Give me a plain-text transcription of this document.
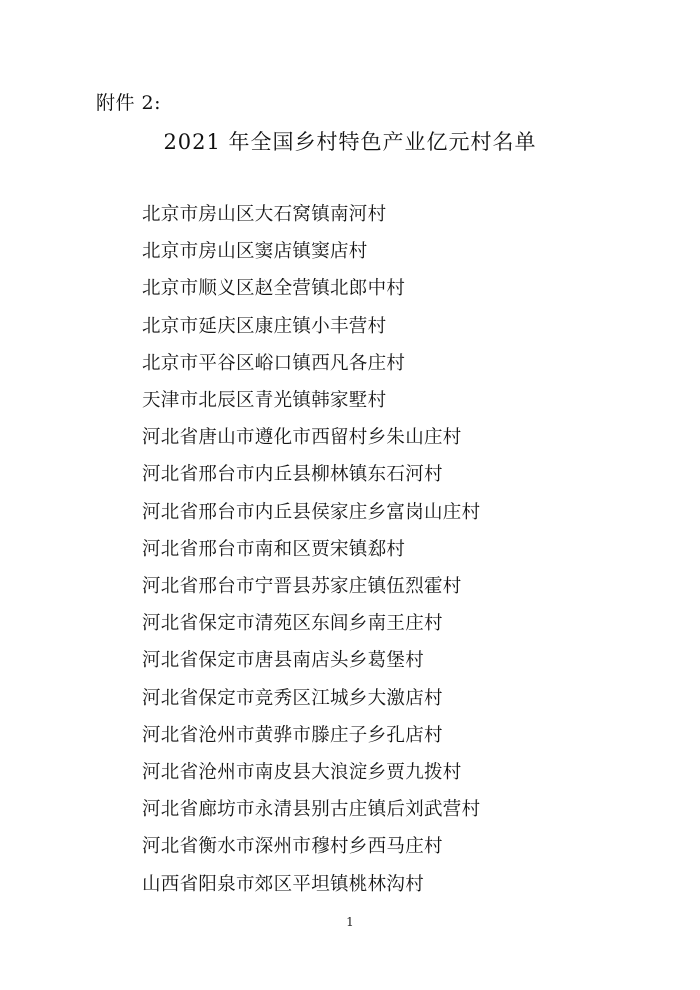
附件 2:
2021 年全国乡村特色产业亿元村名单
北京市房山区大石窝镇南河村
北京市房山区窦店镇窦店村
北京市顺义区赵全营镇北郎中村
北京市延庆区康庄镇小丰营村
北京市平谷区峪口镇西凡各庄村
天津市北辰区青光镇韩家墅村
河北省唐山市遵化市西留村乡朱山庄村
河北省邢台市内丘县柳林镇东石河村
河北省邢台市内丘县侯家庄乡富岗山庄村
河北省邢台市南和区贾宋镇郄村
河北省邢台市宁晋县苏家庄镇伍烈霍村
河北省保定市清苑区东闾乡南王庄村
河北省保定市唐县南店头乡葛堡村
河北省保定市竞秀区江城乡大激店村
河北省沧州市黄骅市滕庄子乡孔店村
河北省沧州市南皮县大浪淀乡贾九拨村
河北省廊坊市永清县别古庄镇后刘武营村
河北省衡水市深州市穆村乡西马庄村
山西省阳泉市郊区平坦镇桃林沟村
1
